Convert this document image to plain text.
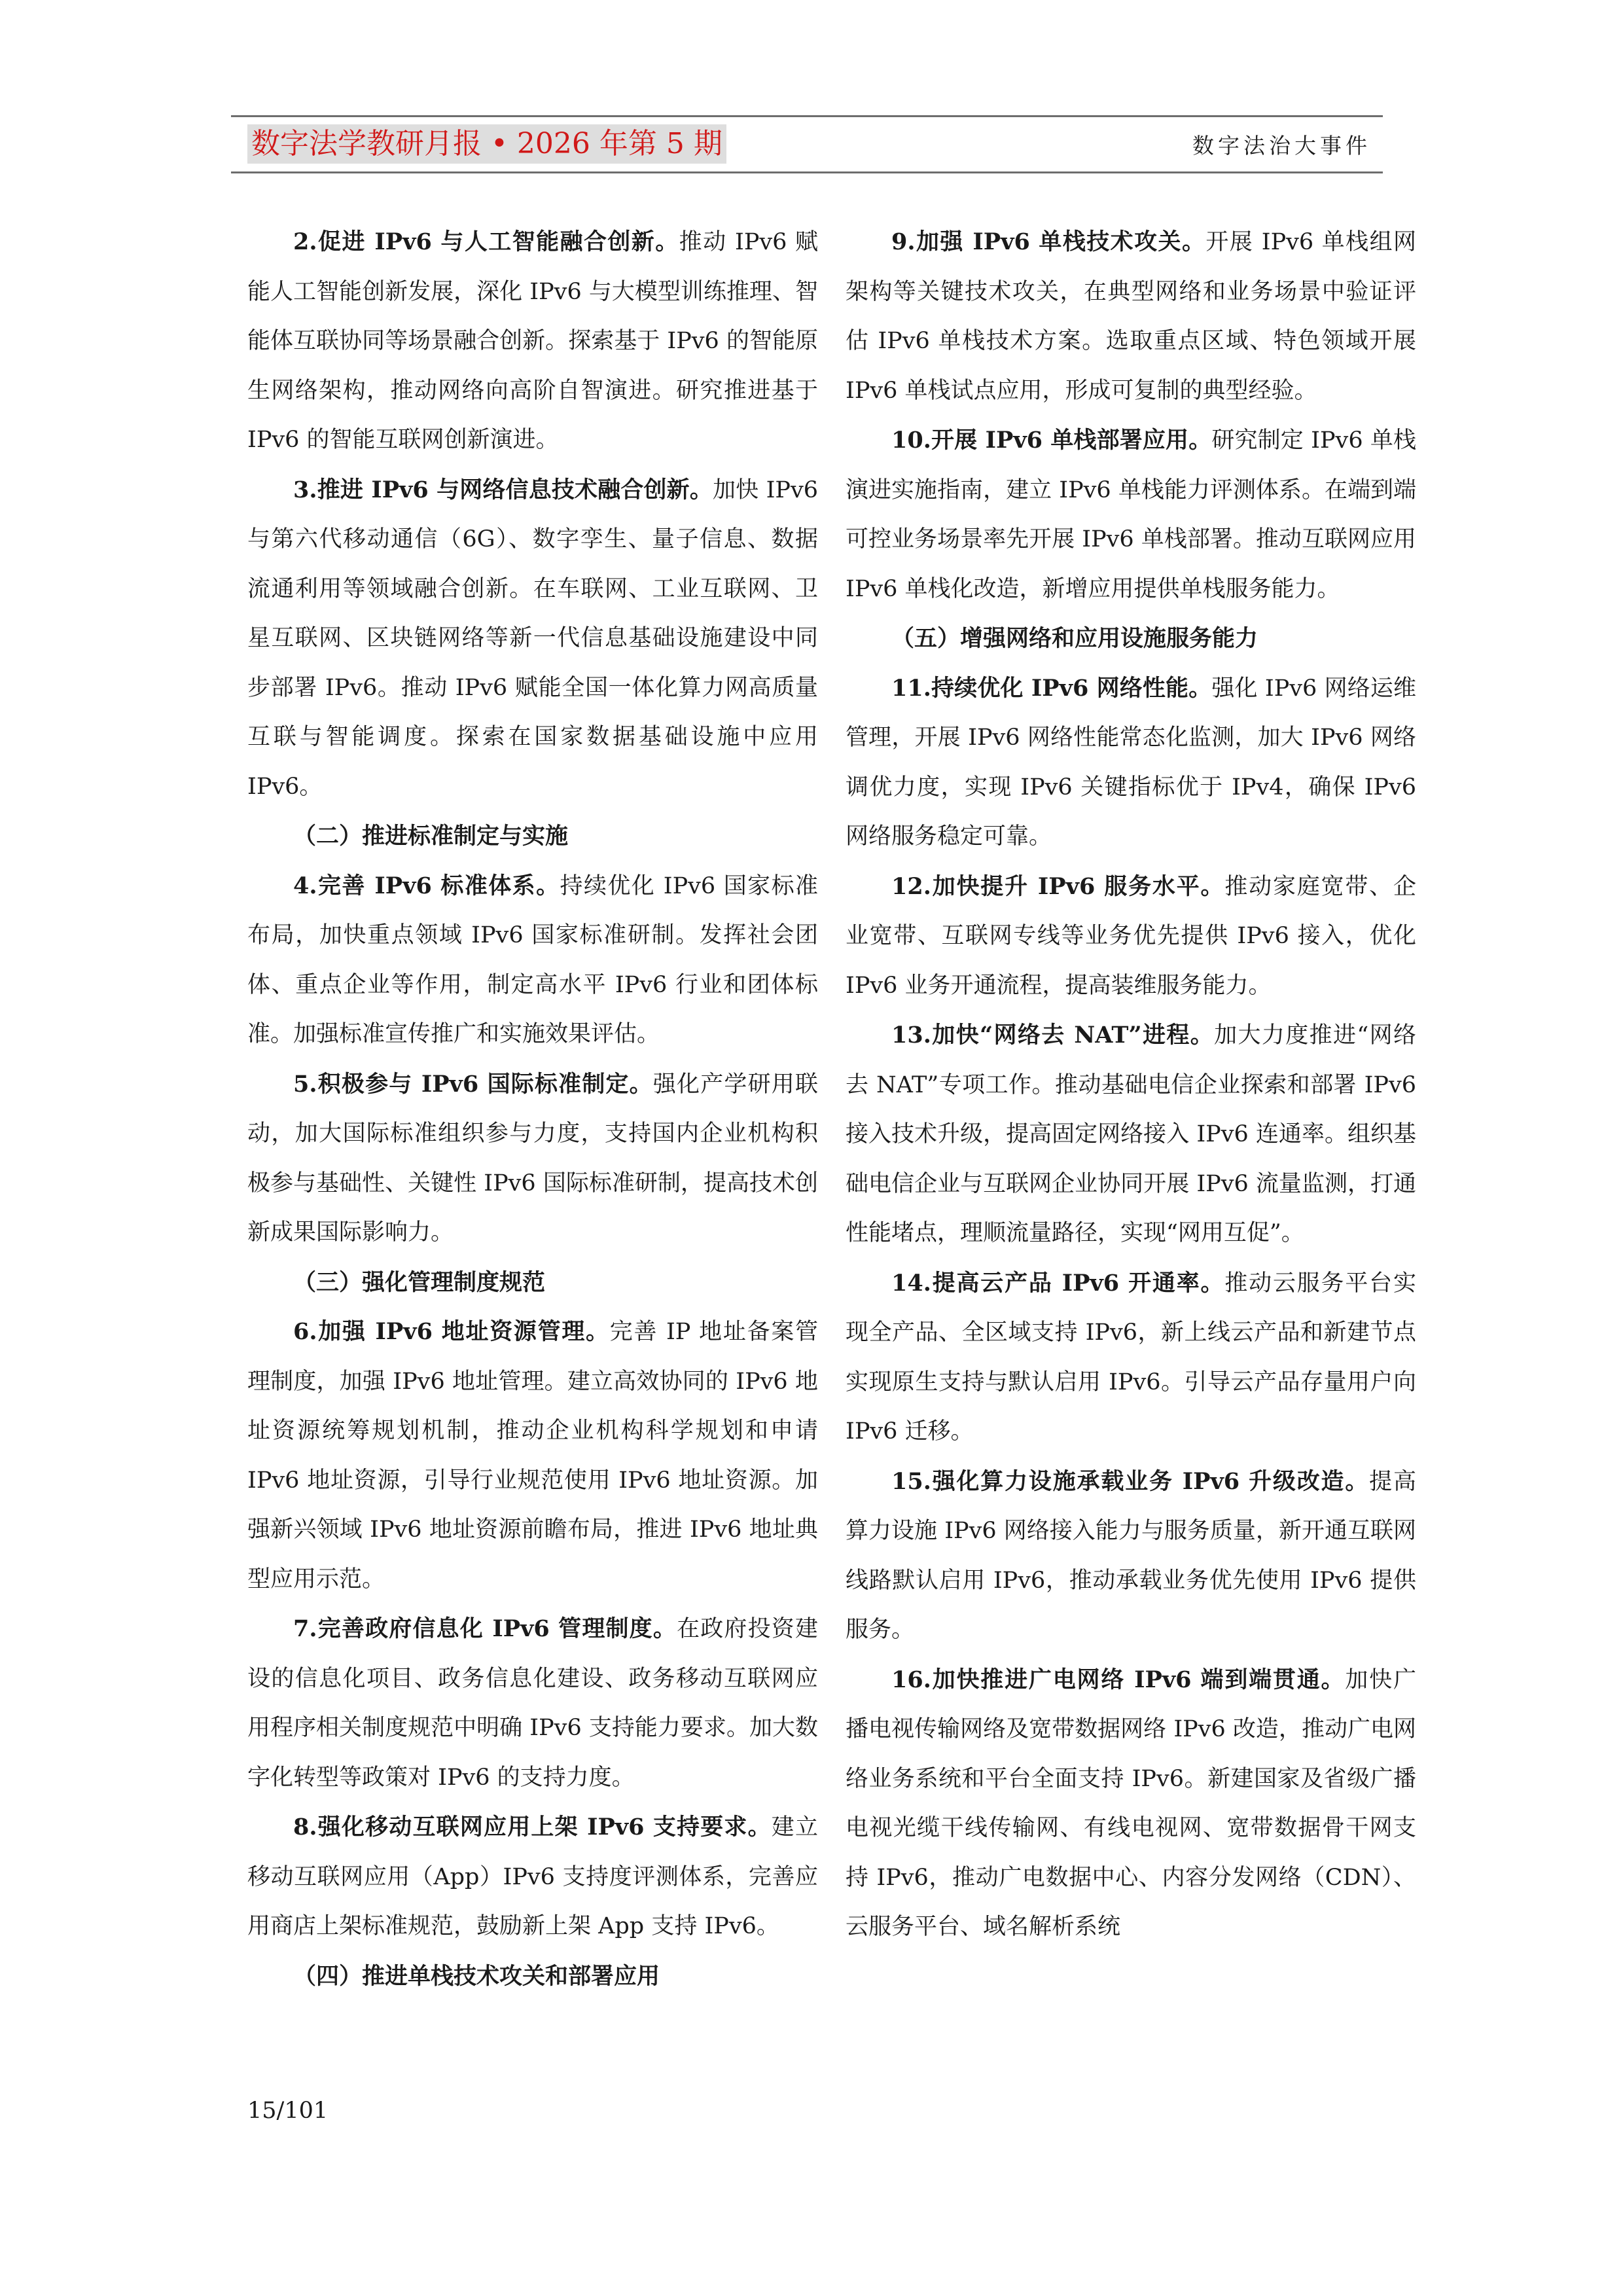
数字法学教研月报 • 2026 年第 5 期	数字法治大事件

2.促进 IPv6 与人工智能融合创新。推动 IPv6 赋能人工智能创新发展，深化 IPv6 与大模型训练推理、智能体互联协同等场景融合创新。探索基于 IPv6 的智能原生网络架构，推动网络向高阶自智演进。研究推进基于 IPv6 的智能互联网创新演进。

3.推进 IPv6 与网络信息技术融合创新。加快 IPv6 与第六代移动通信（6G）、数字孪生、量子信息、数据流通利用等领域融合创新。在车联网、工业互联网、卫星互联网、区块链网络等新一代信息基础设施建设中同步部署 IPv6。推动 IPv6 赋能全国一体化算力网高质量互联与智能调度。探索在国家数据基础设施中应用 IPv6。

（二）推进标准制定与实施

4.完善 IPv6 标准体系。持续优化 IPv6 国家标准布局，加快重点领域 IPv6 国家标准研制。发挥社会团体、重点企业等作用，制定高水平 IPv6 行业和团体标准。加强标准宣传推广和实施效果评估。

5.积极参与 IPv6 国际标准制定。强化产学研用联动，加大国际标准组织参与力度，支持国内企业机构积极参与基础性、关键性 IPv6 国际标准研制，提高技术创新成果国际影响力。

（三）强化管理制度规范

6.加强 IPv6 地址资源管理。完善 IP 地址备案管理制度，加强 IPv6 地址管理。建立高效协同的 IPv6 地址资源统筹规划机制，推动企业机构科学规划和申请 IPv6 地址资源，引导行业规范使用 IPv6 地址资源。加强新兴领域 IPv6 地址资源前瞻布局，推进 IPv6 地址典型应用示范。

7.完善政府信息化 IPv6 管理制度。在政府投资建设的信息化项目、政务信息化建设、政务移动互联网应用程序相关制度规范中明确 IPv6 支持能力要求。加大数字化转型等政策对 IPv6 的支持力度。

8.强化移动互联网应用上架 IPv6 支持要求。建立移动互联网应用（App）IPv6 支持度评测体系，完善应用商店上架标准规范，鼓励新上架 App 支持 IPv6。

（四）推进单栈技术攻关和部署应用

9.加强 IPv6 单栈技术攻关。开展 IPv6 单栈组网架构等关键技术攻关，在典型网络和业务场景中验证评估 IPv6 单栈技术方案。选取重点区域、特色领域开展 IPv6 单栈试点应用，形成可复制的典型经验。

10.开展 IPv6 单栈部署应用。研究制定 IPv6 单栈演进实施指南，建立 IPv6 单栈能力评测体系。在端到端可控业务场景率先开展 IPv6 单栈部署。推动互联网应用 IPv6 单栈化改造，新增应用提供单栈服务能力。

（五）增强网络和应用设施服务能力

11.持续优化 IPv6 网络性能。强化 IPv6 网络运维管理，开展 IPv6 网络性能常态化监测，加大 IPv6 网络调优力度，实现 IPv6 关键指标优于 IPv4，确保 IPv6 网络服务稳定可靠。

12.加快提升 IPv6 服务水平。推动家庭宽带、企业宽带、互联网专线等业务优先提供 IPv6 接入，优化 IPv6 业务开通流程，提高装维服务能力。

13.加快“网络去 NAT”进程。加大力度推进“网络去 NAT”专项工作。推动基础电信企业探索和部署 IPv6 接入技术升级，提高固定网络接入 IPv6 连通率。组织基础电信企业与互联网企业协同开展 IPv6 流量监测，打通性能堵点，理顺流量路径，实现“网用互促”。

14.提高云产品 IPv6 开通率。推动云服务平台实现全产品、全区域支持 IPv6，新上线云产品和新建节点实现原生支持与默认启用 IPv6。引导云产品存量用户向 IPv6 迁移。

15.强化算力设施承载业务 IPv6 升级改造。提高算力设施 IPv6 网络接入能力与服务质量，新开通互联网线路默认启用 IPv6，推动承载业务优先使用 IPv6 提供服务。

16.加快推进广电网络 IPv6 端到端贯通。加快广播电视传输网络及宽带数据网络 IPv6 改造，推动广电网络业务系统和平台全面支持 IPv6。新建国家及省级广播电视光缆干线传输网、有线电视网、宽带数据骨干网支持 IPv6，推动广电数据中心、内容分发网络（CDN）、云服务平台、域名解析系统

15/101
